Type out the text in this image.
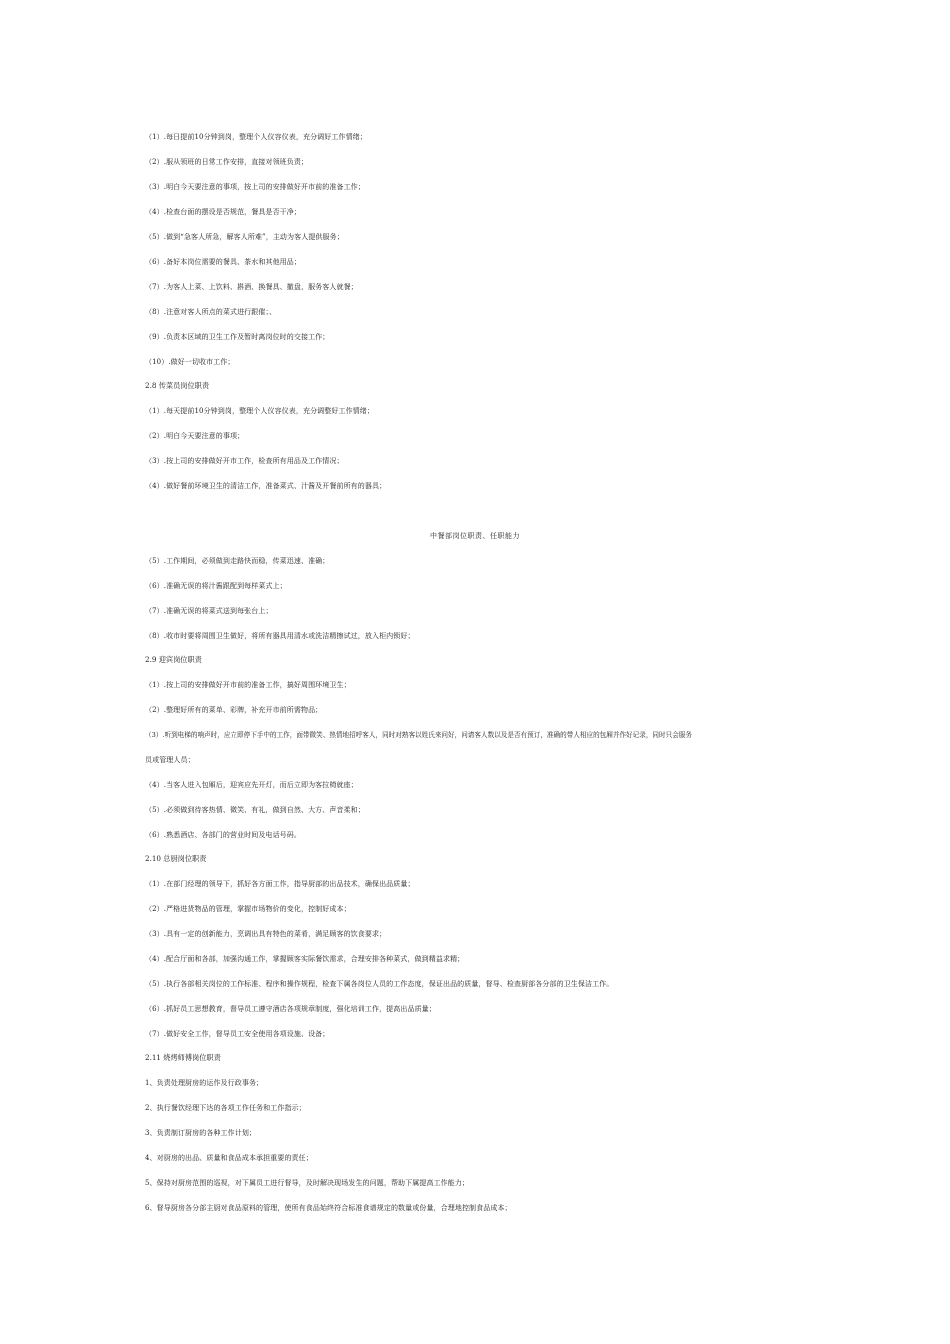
（1）.每日提前10分钟到岗，整理个人仪容仪表，充分调好工作情绪；
（2）.服从领班的日常工作安排，直接对领班负责；
（3）.明白今天要注意的事项，按上司的安排做好开市前的准备工作；
（4）.检查台面的摆设是否规范，餐具是否干净；
（5）.做到“急客人所急，解客人所难”，主动为客人提供服务；
（6）.备好本岗位需要的餐具、茶水和其他用品；
（7）.为客人上菜、上饮料、斟酒、换餐具、撤盘，服务客人就餐；
（8）.注意对客人所点的菜式进行跟催；、
（9）.负责本区域的卫生工作及暂时离岗位时的交接工作；
（10）.做好一切收市工作；
2.8 传菜员岗位职责
（1）.每天提前10分钟到岗，整理个人仪容仪表，充分调整好工作情绪；
（2）.明白今天要注意的事项；
（3）.按上司的安排做好开市工作，检查所有用品及工作情况；
（4）.做好餐前环境卫生的清洁工作，准备菜式、汁酱及开餐前所有的器具；
中餐部岗位职责、任职能力
（5）.工作期间，必须做到走路快而稳，传菜迅速、准确；
（6）.准确无误的将汁酱跟配到每样菜式上；
（7）.准确无误的将菜式送到每张台上；
（8）.收市时要将周围卫生做好，将所有器具用清水或洗洁精擦试过，放入柜内锁好；
2.9 迎宾岗位职责
（1）.按上司的安排做好开市前的准备工作，搞好周围环境卫生；
（2）.整理好所有的菜单、彩牌，补充开市前所需物品；
（3）.听到电梯的响声时，应立即停下手中的工作，面带微笑、热情地招呼客人，同时对熟客以姓氏来问好，问请客人数以及是否有预订，准确的带人相应的包厢并作好记录，同时只会服务
员或管理人员；
（4）.当客人进入包厢后，迎宾应先开灯，而后立即为客拉椅就座；
（5）.必须做到待客热情、微笑、有礼，做到自然、大方、声音柔和；
（6）.熟悉酒店、各部门的营业时间及电话号码。
2.10 总厨岗位职责
（1）.在部门经理的领导下，抓好各方面工作，指导厨部的出品技术，确保出品质量；
（2）.严格进货物品的管理，掌握市场物价的变化，控制好成本；
（3）.具有一定的创新能力，烹调出具有特色的菜肴，满足顾客的饮食要求；
（4）.配合厅面和各部，加强沟通工作，掌握顾客实际餐饮需求，合理安排各种菜式，做到精益求精；
（5）.执行各部相关岗位的工作标准、程序和操作规程，检查下属各岗位人员的工作态度，保证出品的质量，督导、检查厨部各分部的卫生保洁工作。
（6）.抓好员工思想教育，督导员工遵守酒店各项规章制度，强化培训工作，提高出品质量；
（7）.做好安全工作，督导员工安全使用各项设施、设备；
2.11 烧烤师傅岗位职责
1、负责处理厨房的运作及行政事务；
2、执行餐饮经理下达的各项工作任务和工作指示；
3、负责制订厨房的各种工作计划；
4、对厨房的出品、质量和食品成本承担重要的责任；
5、保持对厨房范围的巡视，对下属员工进行督导，及时解决现场发生的问题，帮助下属提高工作能力；
6、督导厨房各分部主厨对食品原料的管理，使所有食品始终符合标准食谱规定的数量或份量，合理地控制食品成本；
